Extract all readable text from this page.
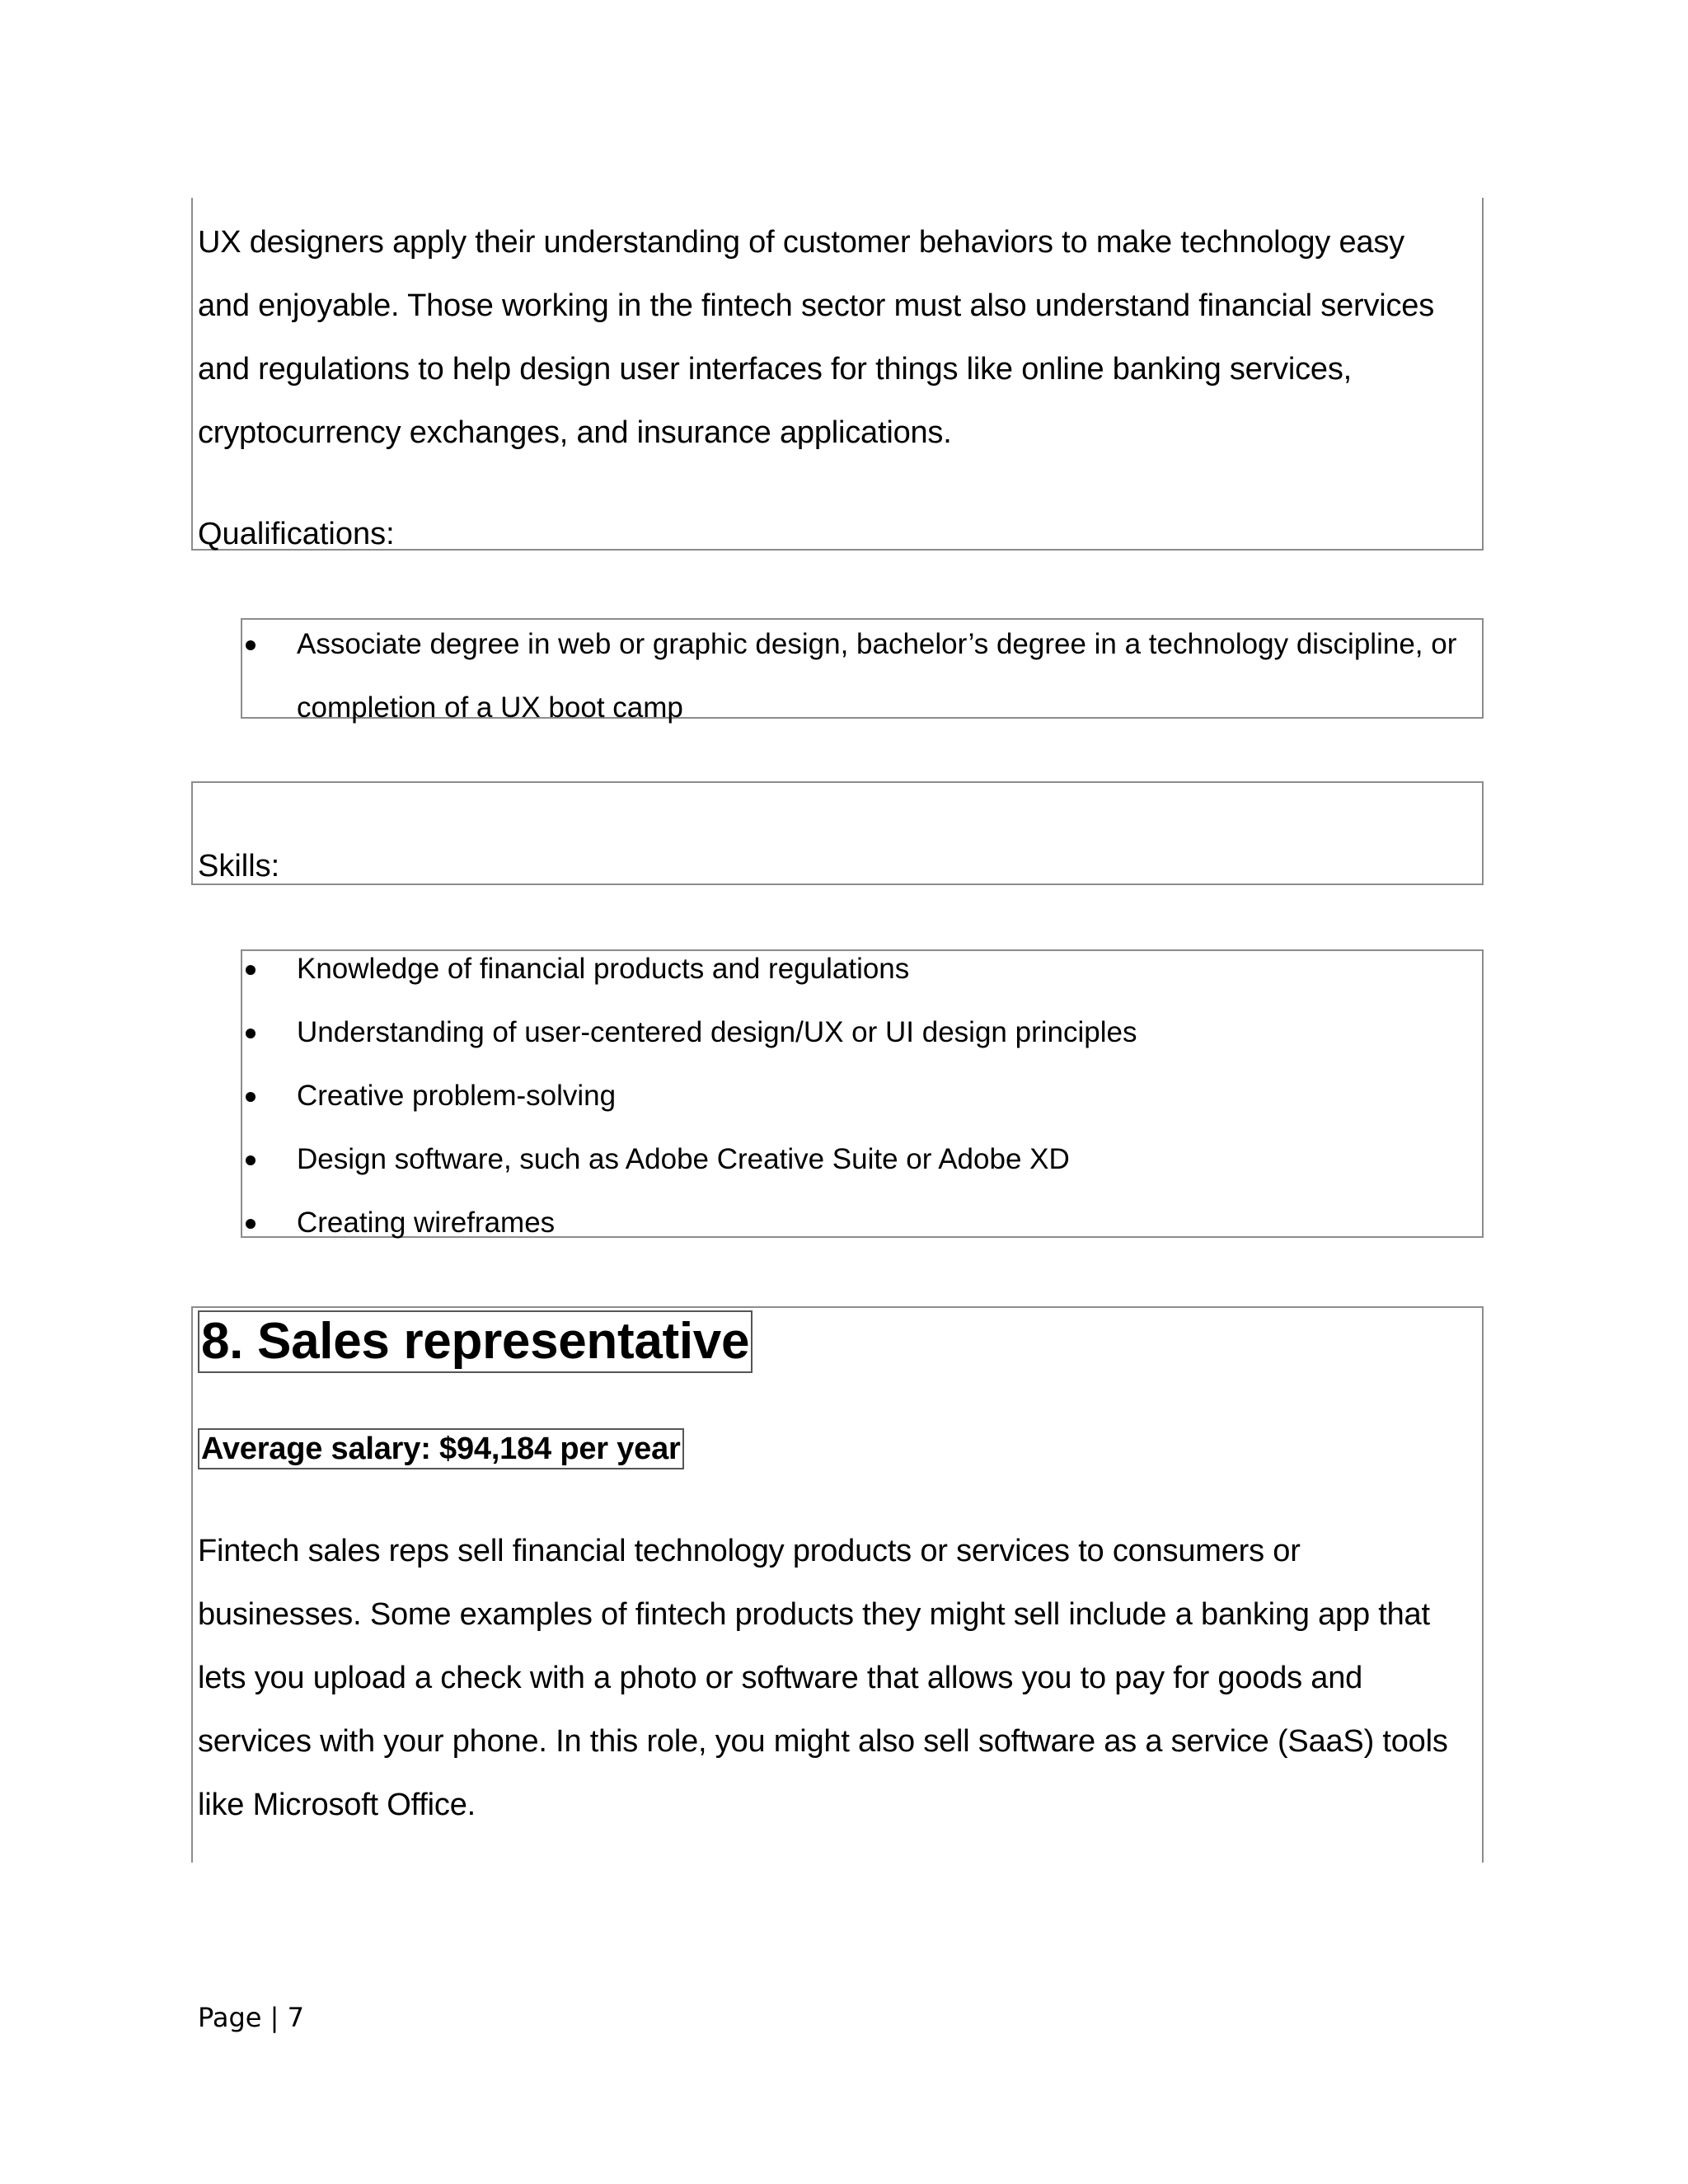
UX designers apply their understanding of customer behaviors to make technology easy

and enjoyable. Those working in the fintech sector must also understand financial services

and regulations to help design user interfaces for things like online banking services,

cryptocurrency exchanges, and insurance applications.

Qualifications:

Associate degree in web or graphic design, bachelor’s degree in a technology discipline, or
completion of a UX boot camp

Skills:

Knowledge of financial products and regulations
Understanding of user-centered design/UX or UI design principles
Creative problem-solving
Design software, such as Adobe Creative Suite or Adobe XD
Creating wireframes
8. Sales representative

Average salary: $94,184 per year

Fintech sales reps sell financial technology products or services to consumers or

businesses. Some examples of fintech products they might sell include a banking app that

lets you upload a check with a photo or software that allows you to pay for goods and

services with your phone. In this role, you might also sell software as a service (SaaS) tools

like Microsoft Office.

Page | 7
